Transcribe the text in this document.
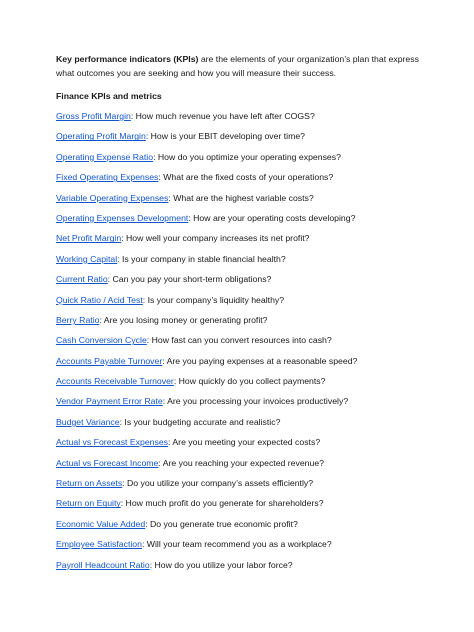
Key performance indicators (KPIs) are the elements of your organization’s plan that express what outcomes you are seeking and how you will measure their success.

Finance KPIs and metrics
Gross Profit Margin: How much revenue you have left after COGS?
Operating Profit Margin: How is your EBIT developing over time?
Operating Expense Ratio: How do you optimize your operating expenses?
Fixed Operating Expenses: What are the fixed costs of your operations?
Variable Operating Expenses: What are the highest variable costs?
Operating Expenses Development: How are your operating costs developing?
Net Profit Margin: How well your company increases its net profit?
Working Capital: Is your company in stable financial health?
Current Ratio: Can you pay your short-term obligations?
Quick Ratio / Acid Test: Is your company’s liquidity healthy?
Berry Ratio: Are you losing money or generating profit?
Cash Conversion Cycle: How fast can you convert resources into cash?
Accounts Payable Turnover: Are you paying expenses at a reasonable speed?
Accounts Receivable Turnover: How quickly do you collect payments?
Vendor Payment Error Rate: Are you processing your invoices productively?
Budget Variance: Is your budgeting accurate and realistic?
Actual vs Forecast Expenses: Are you meeting your expected costs?
Actual vs Forecast Income: Are you reaching your expected revenue?
Return on Assets: Do you utilize your company’s assets efficiently?
Return on Equity: How much profit do you generate for shareholders?
Economic Value Added: Do you generate true economic profit?
Employee Satisfaction: Will your team recommend you as a workplace?
Payroll Headcount Ratio: How do you utilize your labor force?
